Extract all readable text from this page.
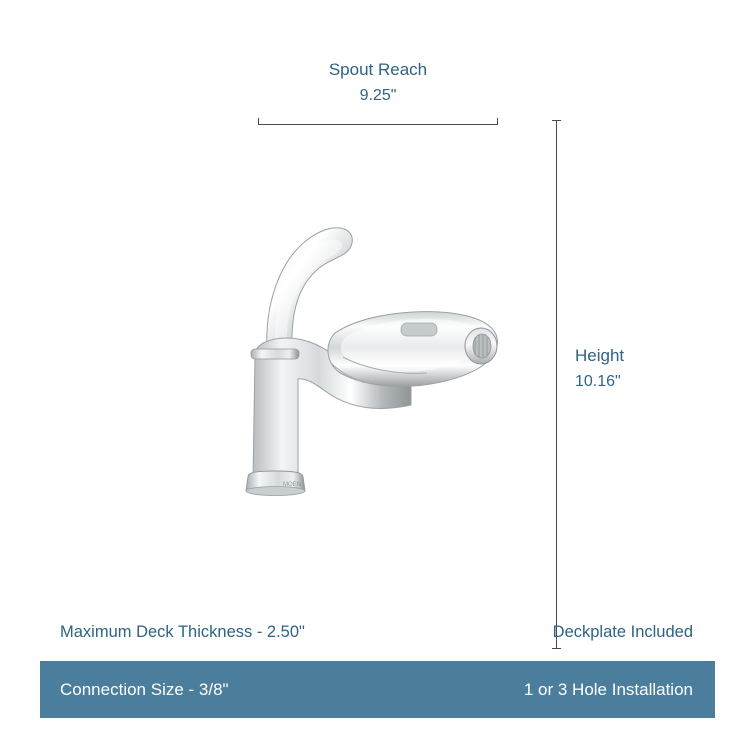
Spout Reach
9.25"
Height
10.16"
MOEN
Maximum Deck Thickness - 2.50"	Deckplate Included
Connection Size - 3/8"	1 or 3 Hole Installation
